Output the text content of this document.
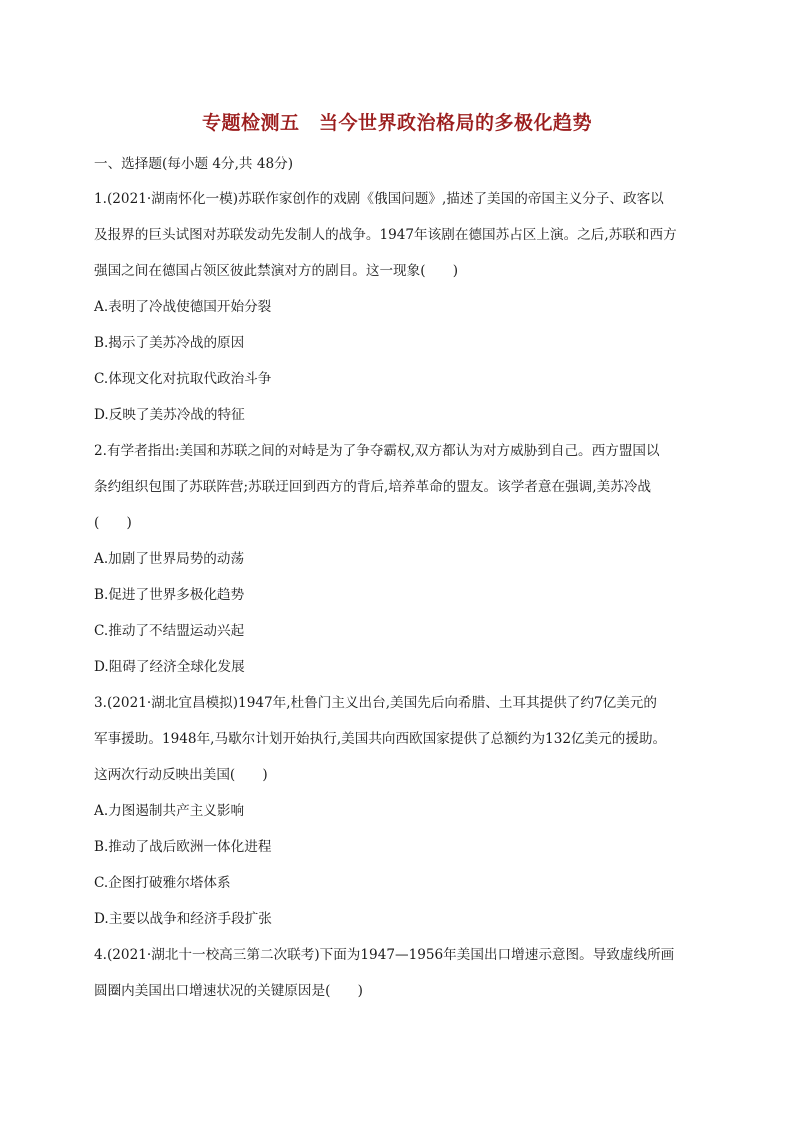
专题检测五　当今世界政治格局的多极化趋势
一、选择题(每小题 4分,共 48分)
1.(2021·湖南怀化一模)苏联作家创作的戏剧《俄国问题》,描述了美国的帝国主义分子、政客以
及报界的巨头试图对苏联发动先发制人的战争。1947年该剧在德国苏占区上演。之后,苏联和西方
强国之间在德国占领区彼此禁演对方的剧目。这一现象(　　)
A.表明了冷战使德国开始分裂
B.揭示了美苏冷战的原因
C.体现文化对抗取代政治斗争
D.反映了美苏冷战的特征
2.有学者指出:美国和苏联之间的对峙是为了争夺霸权,双方都认为对方威胁到自己。西方盟国以
条约组织包围了苏联阵营;苏联迂回到西方的背后,培养革命的盟友。该学者意在强调,美苏冷战
(　　)
A.加剧了世界局势的动荡
B.促进了世界多极化趋势
C.推动了不结盟运动兴起
D.阻碍了经济全球化发展
3.(2021·湖北宜昌模拟)1947年,杜鲁门主义出台,美国先后向希腊、土耳其提供了约7亿美元的
军事援助。1948年,马歇尔计划开始执行,美国共向西欧国家提供了总额约为132亿美元的援助。
这两次行动反映出美国(　　)
A.力图遏制共产主义影响
B.推动了战后欧洲一体化进程
C.企图打破雅尔塔体系
D.主要以战争和经济手段扩张
4.(2021·湖北十一校高三第二次联考)下面为1947—1956年美国出口增速示意图。导致虚线所画
圆圈内美国出口增速状况的关键原因是(　　)
